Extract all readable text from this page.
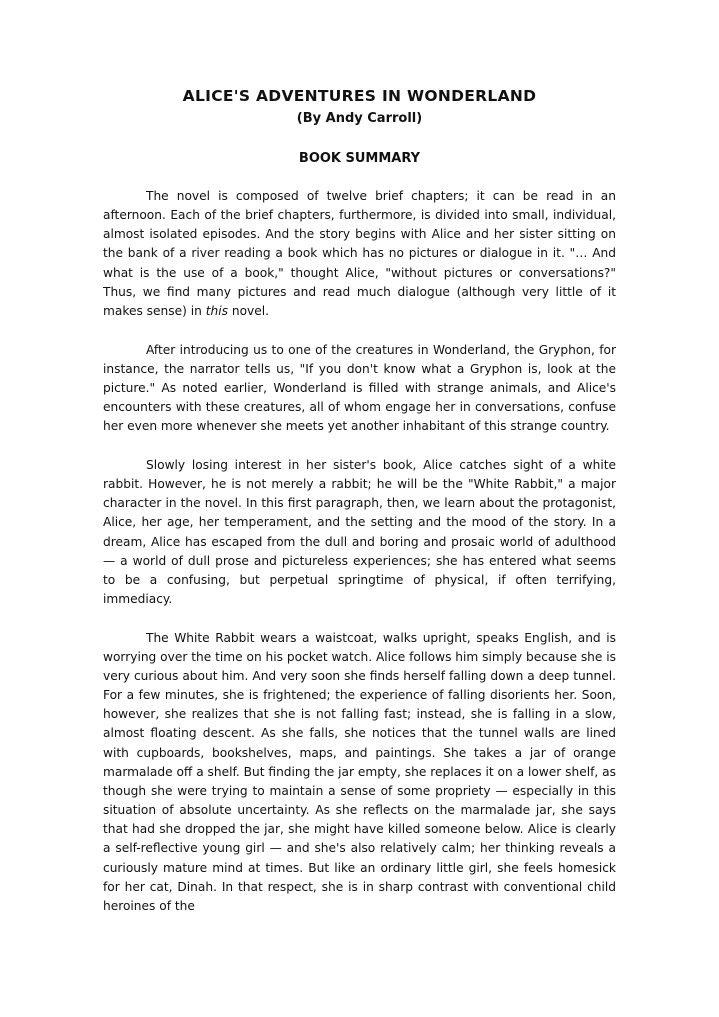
ALICE'S ADVENTURES IN WONDERLAND
(By Andy Carroll)
BOOK SUMMARY

The novel is composed of twelve brief chapters; it can be read in an afternoon. Each of the brief chapters, furthermore, is divided into small, individual, almost isolated episodes. And the story begins with Alice and her sister sitting on the bank of a river reading a book which has no pictures or dialogue in it. "… And what is the use of a book," thought Alice, "without pictures or conversations?" Thus, we find many pictures and read much dialogue (although very little of it makes sense) in this novel.

After introducing us to one of the creatures in Wonderland, the Gryphon, for instance, the narrator tells us, "If you don't know what a Gryphon is, look at the picture." As noted earlier, Wonderland is filled with strange animals, and Alice's encounters with these creatures, all of whom engage her in conversations, confuse her even more whenever she meets yet another inhabitant of this strange country.

Slowly losing interest in her sister's book, Alice catches sight of a white rabbit. However, he is not merely a rabbit; he will be the "White Rabbit," a major character in the novel. In this first paragraph, then, we learn about the protagonist, Alice, her age, her temperament, and the setting and the mood of the story. In a dream, Alice has escaped from the dull and boring and prosaic world of adulthood — a world of dull prose and pictureless experiences; she has entered what seems to be a confusing, but perpetual springtime of physical, if often terrifying, immediacy.

The White Rabbit wears a waistcoat, walks upright, speaks English, and is worrying over the time on his pocket watch. Alice follows him simply because she is very curious about him. And very soon she finds herself falling down a deep tunnel. For a few minutes, she is frightened; the experience of falling disorients her. Soon, however, she realizes that she is not falling fast; instead, she is falling in a slow, almost floating descent. As she falls, she notices that the tunnel walls are lined with cupboards, bookshelves, maps, and paintings. She takes a jar of orange marmalade off a shelf. But finding the jar empty, she replaces it on a lower shelf, as though she were trying to maintain a sense of some propriety — especially in this situation of absolute uncertainty. As she reflects on the marmalade jar, she says that had she dropped the jar, she might have killed someone below. Alice is clearly a self-reflective young girl — and she's also relatively calm; her thinking reveals a curiously mature mind at times. But like an ordinary little girl, she feels homesick for her cat, Dinah. In that respect, she is in sharp contrast with conventional child heroines of the
